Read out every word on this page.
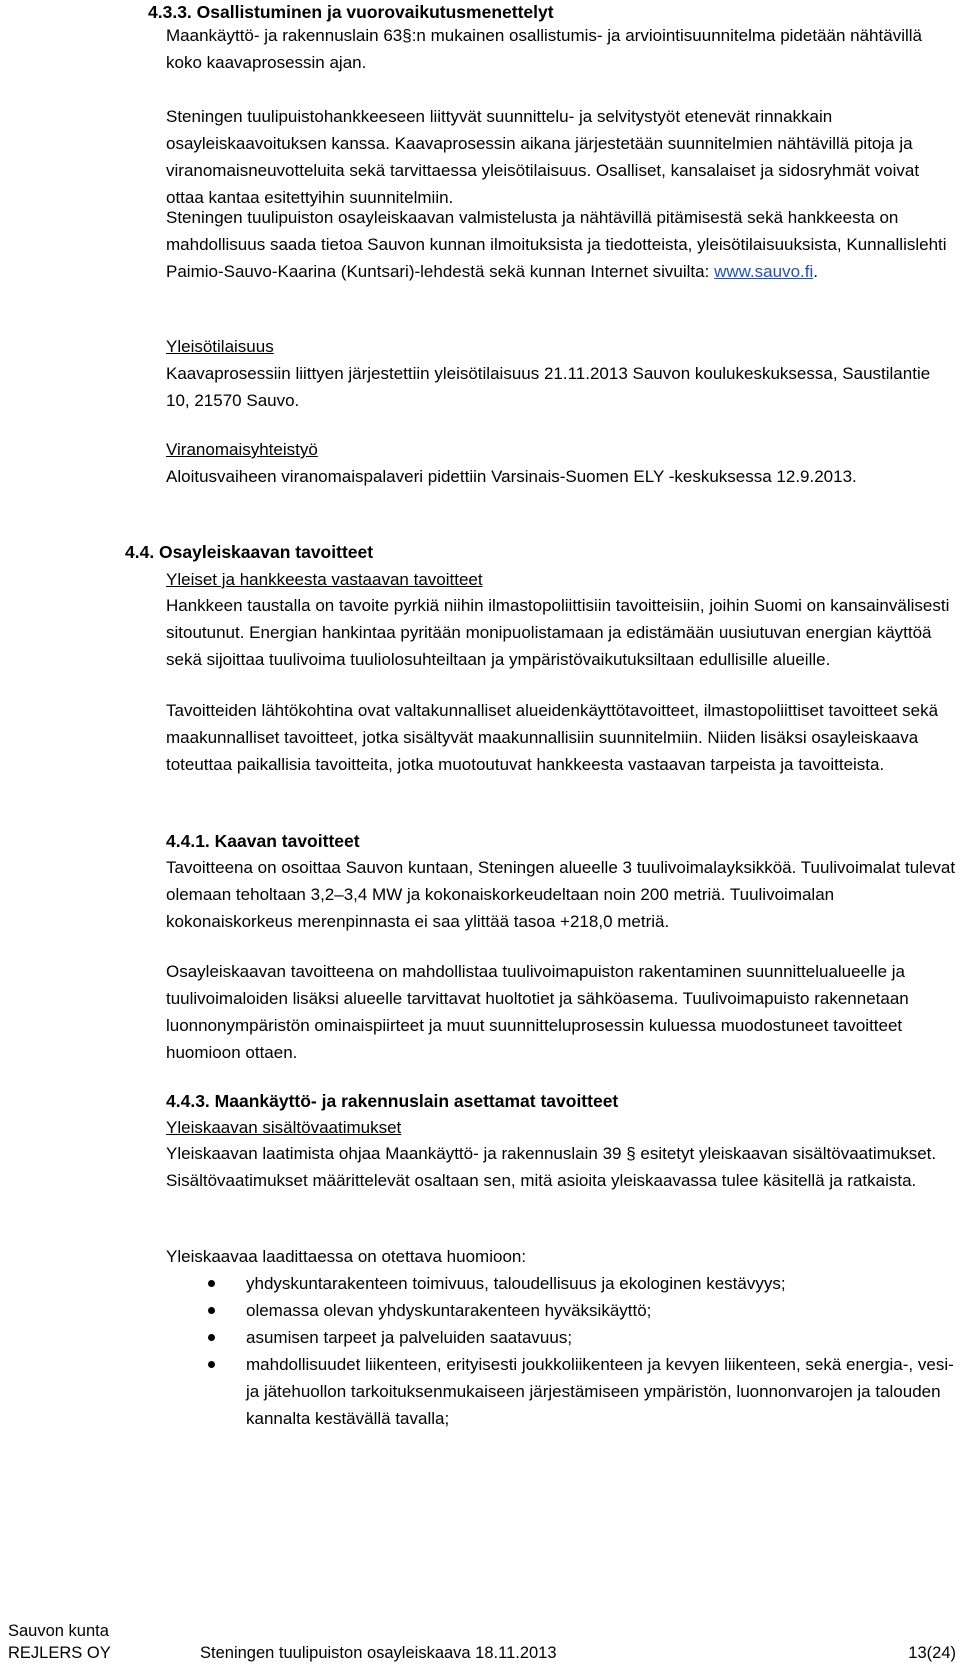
4.3.3. Osallistuminen ja vuorovaikutusmenettelyt
Maankäyttö- ja rakennuslain 63§:n mukainen osallistumis- ja arviointisuunnitelma pidetään nähtävillä koko kaavaprosessin ajan.
Steningen tuulipuistohankkeeseen liittyvät suunnittelu- ja selvitystyöt etenevät rinnakkain osayleiskaavoituksen kanssa. Kaavaprosessin aikana järjestetään suunnitelmien nähtävillä pitoja ja viranomaisneuvotteluita sekä tarvittaessa yleisötilaisuus. Osalliset, kansalaiset ja sidosryhmät voivat ottaa kantaa esitettyihin suunnitelmiin.
Steningen tuulipuiston osayleiskaavan valmistelusta ja nähtävillä pitämisestä sekä hankkeesta on mahdollisuus saada tietoa Sauvon kunnan ilmoituksista ja tiedotteista, yleisötilaisuuksista, Kunnallislehti Paimio-Sauvo-Kaarina (Kuntsari)-lehdestä sekä kunnan Internet sivuilta: www.sauvo.fi.
Yleisötilaisuus
Kaavaprosessiin liittyen järjestettiin yleisötilaisuus 21.11.2013 Sauvon koulukeskuksessa, Saustilantie 10, 21570 Sauvo.
Viranomaisyhteistyö
Aloitusvaiheen viranomaispalaveri pidettiin Varsinais-Suomen ELY -keskuksessa 12.9.2013.
4.4. Osayleiskaavan tavoitteet
Yleiset ja hankkeesta vastaavan tavoitteet
Hankkeen taustalla on tavoite pyrkiä niihin ilmastopoliittisiin tavoitteisiin, joihin Suomi on kansainvälisesti sitoutunut. Energian hankintaa pyritään monipuolistamaan ja edistämään uusiutuvan energian käyttöä sekä sijoittaa tuulivoima tuuliolosuhteiltaan ja ympäristövaikutuksiltaan edullisille alueille.
Tavoitteiden lähtökohtina ovat valtakunnalliset alueidenkäyttötavoitteet, ilmastopoliittiset tavoitteet sekä maakunnalliset tavoitteet, jotka sisältyvät maakunnallisiin suunnitelmiin. Niiden lisäksi osayleiskaava toteuttaa paikallisia tavoitteita, jotka muotoutuvat hankkeesta vastaavan tarpeista ja tavoitteista.
4.4.1. Kaavan tavoitteet
Tavoitteena on osoittaa Sauvon kuntaan, Steningen alueelle 3 tuulivoimalayksikköä. Tuulivoimalat tulevat olemaan teholtaan 3,2–3,4 MW ja kokonaiskorkeudeltaan noin 200 metriä. Tuulivoimalan kokonaiskorkeus merenpinnasta ei saa ylittää tasoa +218,0 metriä.
Osayleiskaavan tavoitteena on mahdollistaa tuulivoimapuiston rakentaminen suunnittelualueelle ja tuulivoimaloiden lisäksi alueelle tarvittavat huoltotiet ja sähköasema. Tuulivoimapuisto rakennetaan luonnonympäristön ominaispiirteet ja muut suunnitteluprosessin kuluessa muodostuneet tavoitteet huomioon ottaen.
4.4.3. Maankäyttö- ja rakennuslain asettamat tavoitteet
Yleiskaavan sisältövaatimukset
Yleiskaavan laatimista ohjaa Maankäyttö- ja rakennuslain 39 § esitetyt yleiskaavan sisältövaatimukset. Sisältövaatimukset määrittelevät osaltaan sen, mitä asioita yleiskaavassa tulee käsitellä ja ratkaista.
Yleiskaavaa laadittaessa on otettava huomioon:
yhdyskuntarakenteen toimivuus, taloudellisuus ja ekologinen kestävyys;
olemassa olevan yhdyskuntarakenteen hyväksikäyttö;
asumisen tarpeet ja palveluiden saatavuus;
mahdollisuudet liikenteen, erityisesti joukkoliikenteen ja kevyen liikenteen, sekä energia-, vesi- ja jätehuollon tarkoituksenmukaiseen järjestämiseen ympäristön, luonnonvarojen ja talouden kannalta kestävällä tavalla;
Sauvon kunta
REJLERS OY	Steningen tuulipuiston osayleiskaava 18.11.2013	13(24)
